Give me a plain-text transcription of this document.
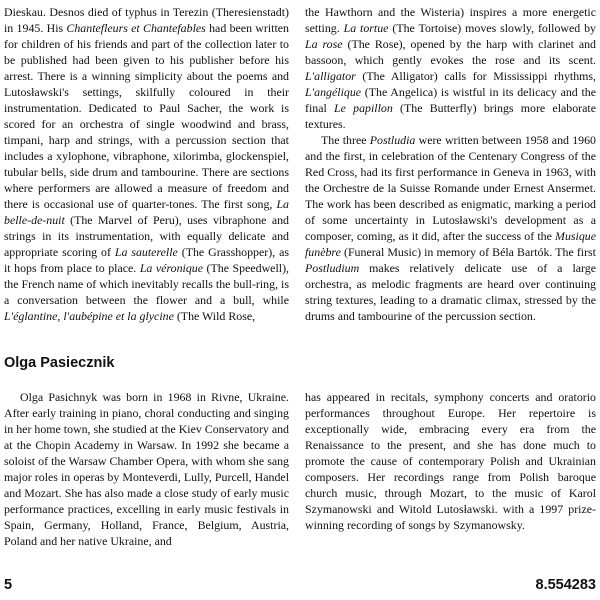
Dieskau. Desnos died of typhus in Terezin (Theresienstadt) in 1945. His Chantefleurs et Chantefables had been written for children of his friends and part of the collection later to be published had been given to his publisher before his arrest. There is a winning simplicity about the poems and Lutosławski's settings, skilfully coloured in their instrumentation. Dedicated to Paul Sacher, the work is scored for an orchestra of single woodwind and brass, timpani, harp and strings, with a percussion section that includes a xylophone, vibraphone, xilorimba, glockenspiel, tubular bells, side drum and tambourine. There are sections where performers are allowed a measure of freedom and there is occasional use of quarter-tones. The first song, La belle-de-nuit (The Marvel of Peru), uses vibraphone and strings in its instrumentation, with equally delicate and appropriate scoring of La sauterelle (The Grasshopper), as it hops from place to place. La véronique (The Speedwell), the French name of which inevitably recalls the bull-ring, is a conversation between the flower and a bull, while L'églantine, l'aubépine et la glycine (The Wild Rose,

the Hawthorn and the Wisteria) inspires a more energetic setting. La tortue (The Tortoise) moves slowly, followed by La rose (The Rose), opened by the harp with clarinet and bassoon, which gently evokes the rose and its scent. L'alligator (The Alligator) calls for Mississippi rhythms, L'angélique (The Angelica) is wistful in its delicacy and the final Le papillon (The Butterfly) brings more elaborate textures.

The three Postludia were written between 1958 and 1960 and the first, in celebration of the Centenary Congress of the Red Cross, had its first performance in Geneva in 1963, with the Orchestre de la Suisse Romande under Ernest Ansermet. The work has been described as enigmatic, marking a period of some uncertainty in Lutosławski's development as a composer, coming, as it did, after the success of the Musique funèbre (Funeral Music) in memory of Béla Bartók. The first Postludium makes relatively delicate use of a large orchestra, as melodic fragments are heard over continuing string textures, leading to a dramatic climax, stressed by the drums and tambourine of the percussion section.

Olga Pasiecznik

Olga Pasichnyk was born in 1968 in Rivne, Ukraine. After early training in piano, choral conducting and singing in her home town, she studied at the Kiev Conservatory and at the Chopin Academy in Warsaw. In 1992 she became a soloist of the Warsaw Chamber Opera, with whom she sang major roles in operas by Monteverdi, Lully, Purcell, Handel and Mozart. She has also made a close study of early music performance practices, excelling in early music festivals in Spain, Germany, Holland, France, Belgium, Austria, Poland and her native Ukraine, and

has appeared in recitals, symphony concerts and oratorio performances throughout Europe. Her repertoire is exceptionally wide, embracing every era from the Renaissance to the present, and she has done much to promote the cause of contemporary Polish and Ukrainian composers. Her recordings range from Polish baroque church music, through Mozart, to the music of Karol Szymanowski and Witold Lutosławski. with a 1997 prize-winning recording of songs by Szymanowsky.

5	8.554283
